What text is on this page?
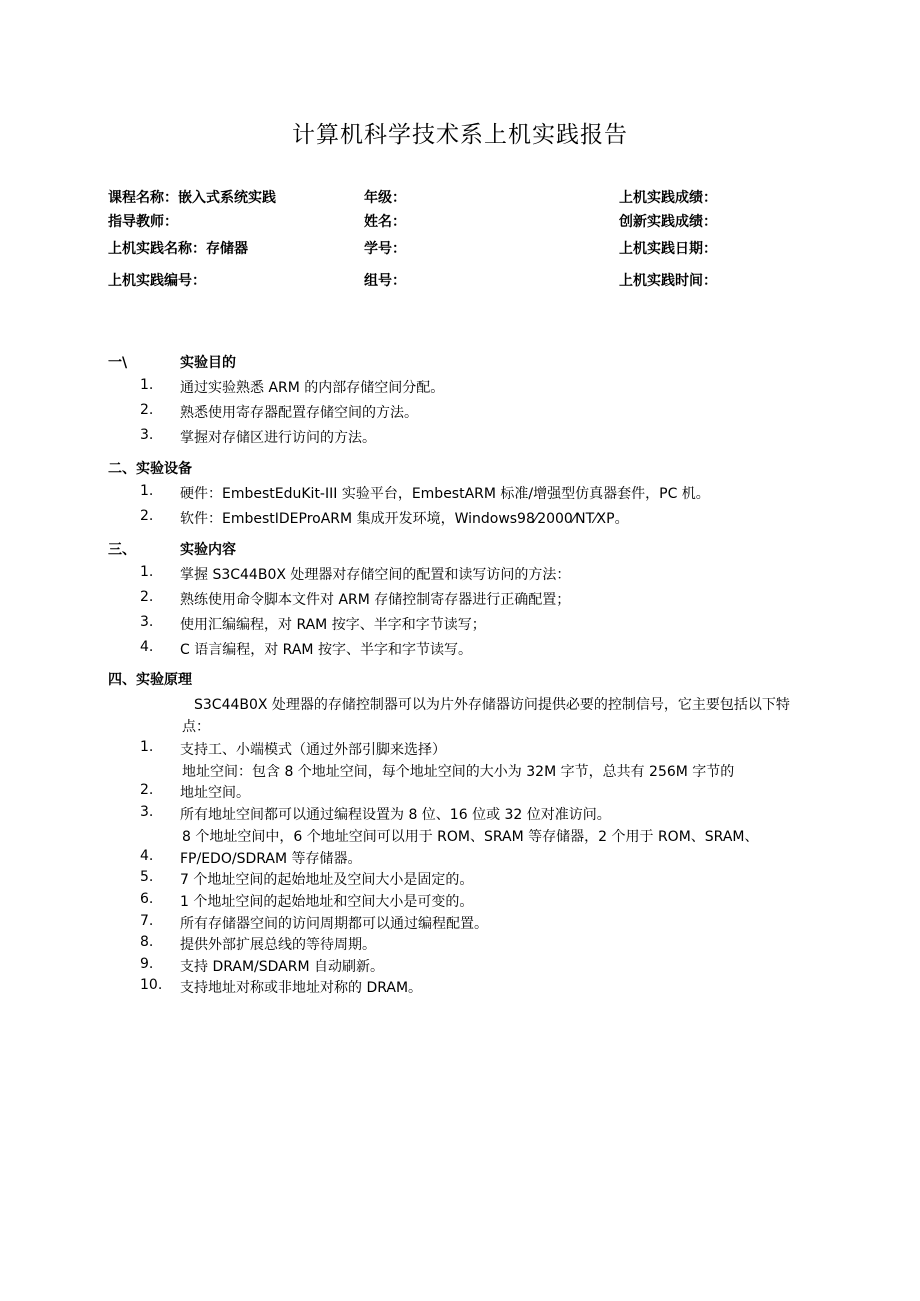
计算机科学技术系上机实践报告
课程名称：嵌入式系统实践	年级：	上机实践成绩：
指导教师：	姓名：	创新实践成绩：
上机实践名称：存储器	学号：	上机实践日期：
上机实践编号：	组号：	上机实践时间：
一\	实验目的
1. 通过实验熟悉 ARM 的内部存储空间分配。
2. 熟悉使用寄存器配置存储空间的方法。
3. 掌握对存储区进行访问的方法。
二、实验设备
1. 硬件：EmbestEduKit-III 实验平台，EmbestARM 标准/增强型仿真器套件，PC 机。
2. 软件：EmbestIDEProARM 集成开发环境，Windows98⁄2000⁄NT⁄XP。
三、	实验内容
1. 掌握 S3C44B0X 处理器对存储空间的配置和读写访问的方法：
2. 熟练使用命令脚本文件对 ARM 存储控制寄存器进行正确配置；
3. 使用汇编编程，对 RAM 按字、半字和字节读写；
4. C 语言编程，对 RAM 按字、半字和字节读写。
四、实验原理
S3C44B0X 处理器的存储控制器可以为片外存储器访问提供必要的控制信号，它主要包括以下特
点：
1. 支持工、小端模式（通过外部引脚来选择）
地址空间：包含 8 个地址空间，每个地址空间的大小为 32M 字节，总共有 256M 字节的
2. 地址空间。
3. 所有地址空间都可以通过编程设置为 8 位、16 位或 32 位对准访问。
8 个地址空间中，6 个地址空间可以用于 ROM、SRAM 等存储器，2 个用于 ROM、SRAM、
4. FP/EDO/SDRAM 等存储器。
5. 7 个地址空间的起始地址及空间大小是固定的。
6. 1 个地址空间的起始地址和空间大小是可变的。
7. 所有存储器空间的访问周期都可以通过编程配置。
8. 提供外部扩展总线的等待周期。
9. 支持 DRAM/SDARM 自动刷新。
10. 支持地址对称或非地址对称的 DRAM。
